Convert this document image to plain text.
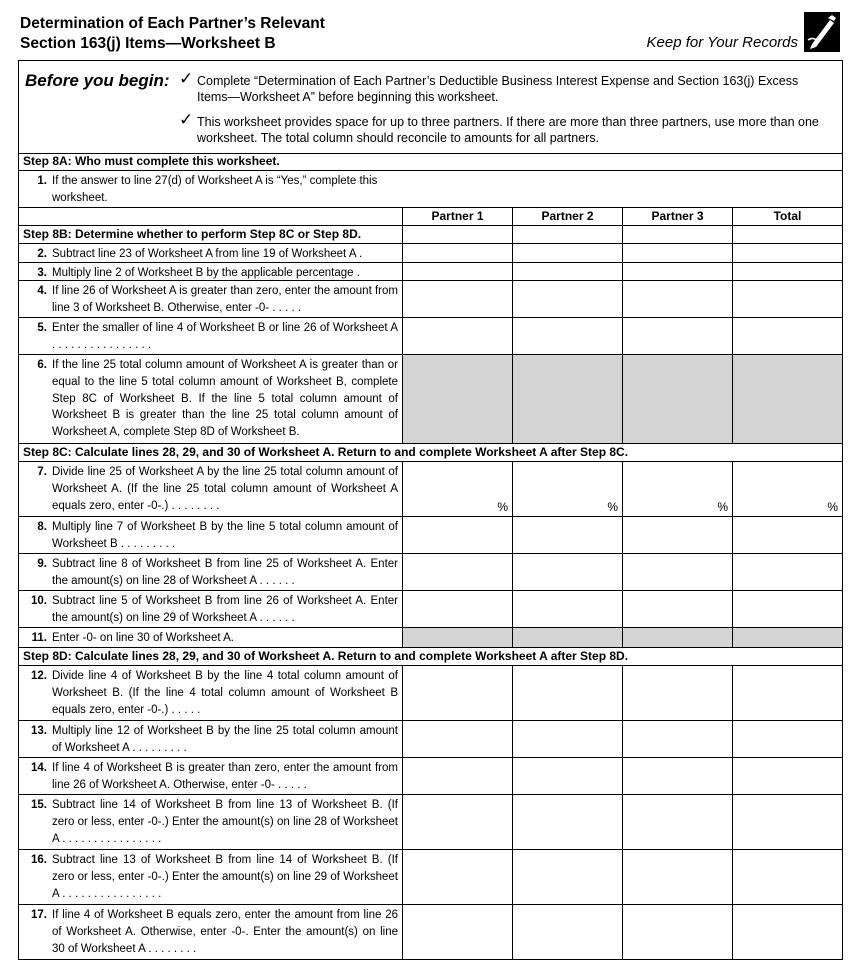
Determination of Each Partner’s Relevant
Section 163(j) Items—Worksheet B	Keep for Your Records
Before you begin: ✓ Complete “Determination of Each Partner’s Deductible Business Interest Expense and Section 163(j) Excess Items—Worksheet A” before beginning this worksheet.
✓ This worksheet provides space for up to three partners. If there are more than three partners, use more than one worksheet. The total column should reconcile to amounts for all partners.
Step 8A: Who must complete this worksheet.
1. If the answer to line 27(d) of Worksheet A is “Yes,” complete this worksheet.
Partner 1	Partner 2	Partner 3	Total
Step 8B: Determine whether to perform Step 8C or Step 8D.
2. Subtract line 23 of Worksheet A from line 19 of Worksheet A .
3. Multiply line 2 of Worksheet B by the applicable percentage .
4. If line 26 of Worksheet A is greater than zero, enter the amount from line 3 of Worksheet B. Otherwise, enter -0- . . . . .
5. Enter the smaller of line 4 of Worksheet B or line 26 of Worksheet A . . . . . . . . . . . . . . . .
6. If the line 25 total column amount of Worksheet A is greater than or equal to the line 5 total column amount of Worksheet B, complete Step 8C of Worksheet B. If the line 5 total column amount of Worksheet B is greater than the line 25 total column amount of Worksheet A, complete Step 8D of Worksheet B.
Step 8C: Calculate lines 28, 29, and 30 of Worksheet A. Return to and complete Worksheet A after Step 8C.
7. Divide line 25 of Worksheet A by the line 25 total column amount of Worksheet A. (If the line 25 total column amount of Worksheet A equals zero, enter -0-.) . . . . . . . .	%	%	%	%
8. Multiply line 7 of Worksheet B by the line 5 total column amount of Worksheet B . . . . . . . . .
9. Subtract line 8 of Worksheet B from line 25 of Worksheet A. Enter the amount(s) on line 28 of Worksheet A . . . . . .
10. Subtract line 5 of Worksheet B from line 26 of Worksheet A. Enter the amount(s) on line 29 of Worksheet A . . . . . .
11. Enter -0- on line 30 of Worksheet A.
Step 8D: Calculate lines 28, 29, and 30 of Worksheet A. Return to and complete Worksheet A after Step 8D.
12. Divide line 4 of Worksheet B by the line 4 total column amount of Worksheet B. (If the line 4 total column amount of Worksheet B equals zero, enter -0-.) . . . . .
13. Multiply line 12 of Worksheet B by the line 25 total column amount of Worksheet A . . . . . . . . .
14. If line 4 of Worksheet B is greater than zero, enter the amount from line 26 of Worksheet A. Otherwise, enter -0- . . . . .
15. Subtract line 14 of Worksheet B from line 13 of Worksheet B. (If zero or less, enter -0-.) Enter the amount(s) on line 28 of Worksheet A . . . . . . . . . . . . . . . .
16. Subtract line 13 of Worksheet B from line 14 of Worksheet B. (If zero or less, enter -0-.) Enter the amount(s) on line 29 of Worksheet A . . . . . . . . . . . . . . . .
17. If line 4 of Worksheet B equals zero, enter the amount from line 26 of Worksheet A. Otherwise, enter -0-. Enter the amount(s) on line 30 of Worksheet A . . . . . . . .
